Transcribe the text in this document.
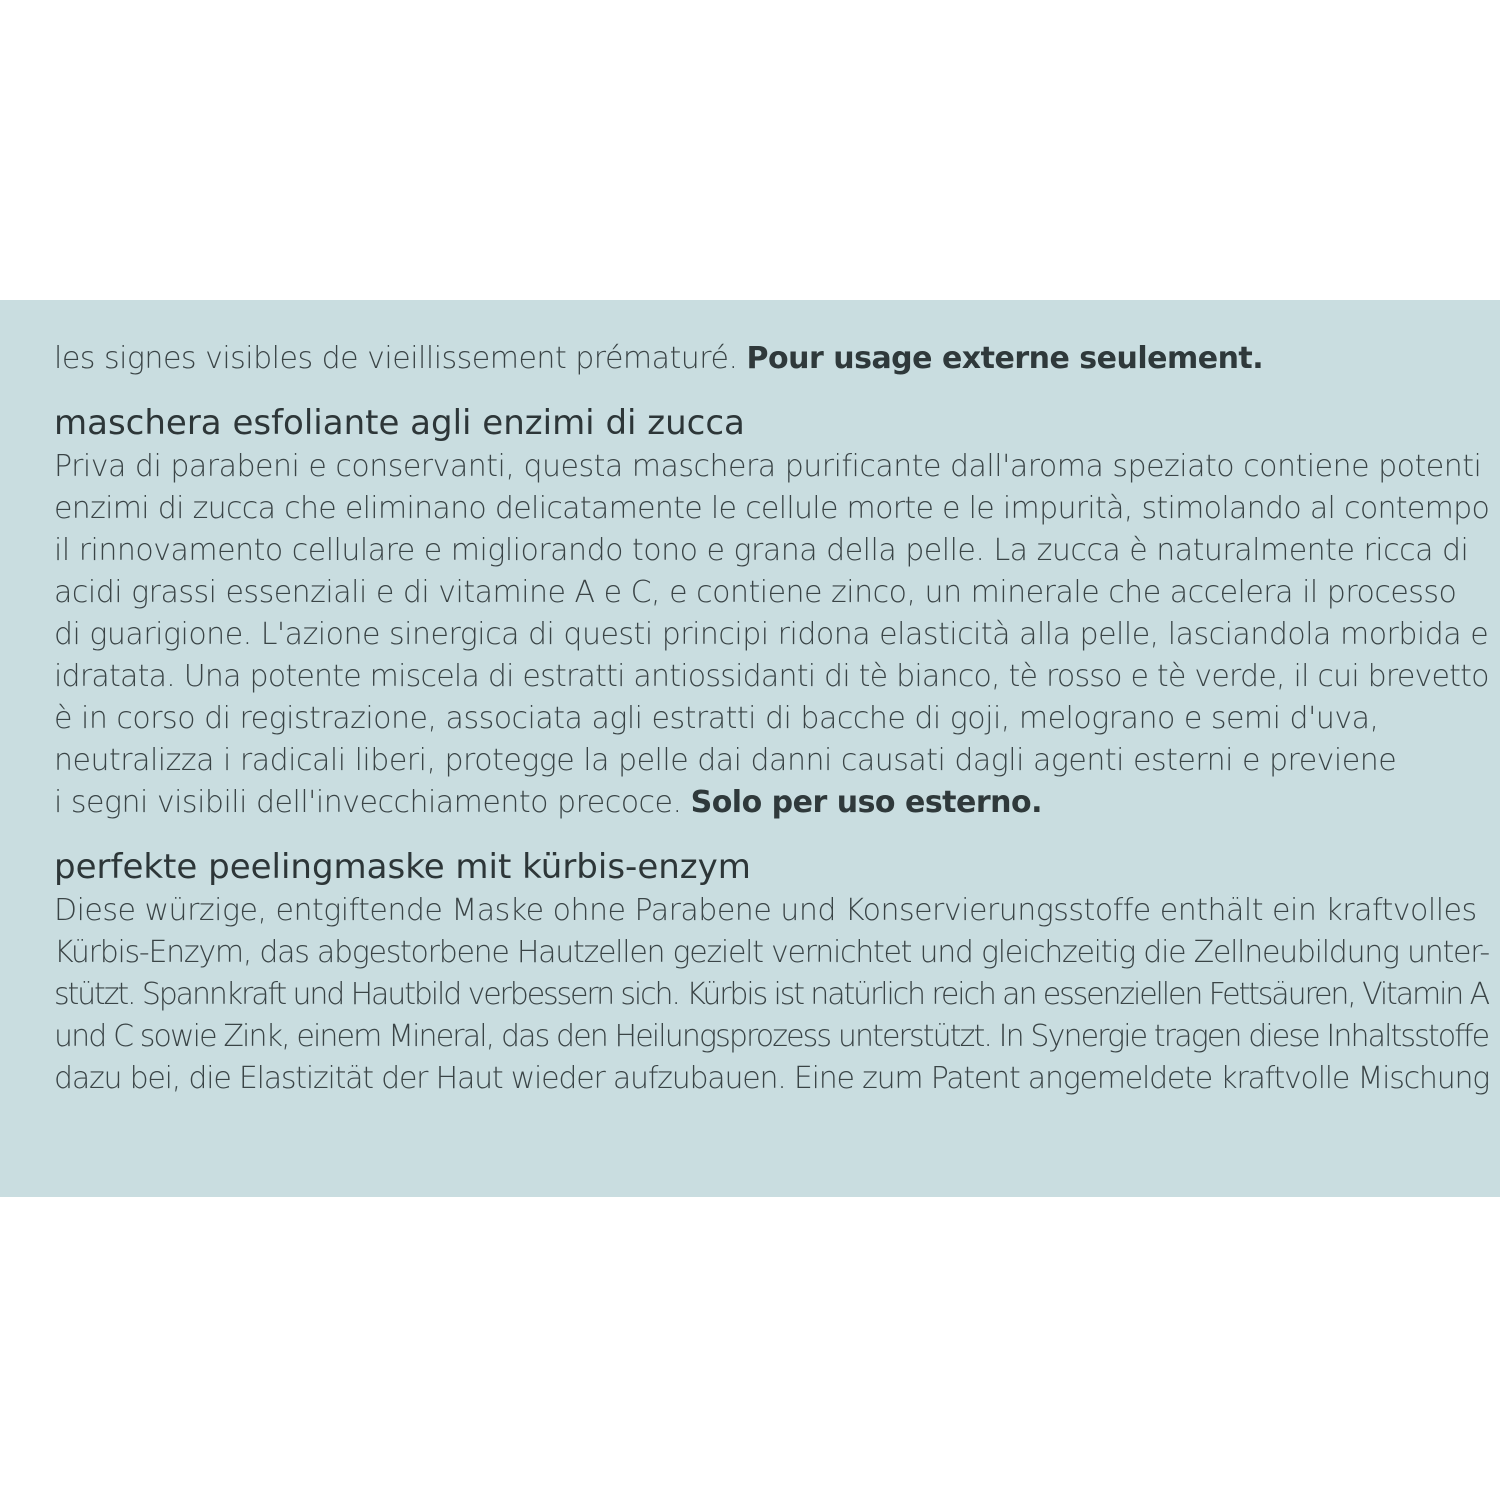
les signes visibles de vieillissement prématuré. Pour usage externe seulement.
maschera esfoliante agli enzimi di zucca
Priva di parabeni e conservanti, questa maschera purificante dall'aroma speziato contiene potenti
enzimi di zucca che eliminano delicatamente le cellule morte e le impurità, stimolando al contempo
il rinnovamento cellulare e migliorando tono e grana della pelle. La zucca è naturalmente ricca di
acidi grassi essenziali e di vitamine A e C, e contiene zinco, un minerale che accelera il processo
di guarigione. L'azione sinergica di questi principi ridona elasticità alla pelle, lasciandola morbida e
idratata. Una potente miscela di estratti antiossidanti di tè bianco, tè rosso e tè verde, il cui brevetto
è in corso di registrazione, associata agli estratti di bacche di goji, melograno e semi d'uva,
neutralizza i radicali liberi, protegge la pelle dai danni causati dagli agenti esterni e previene
i segni visibili dell'invecchiamento precoce. Solo per uso esterno.
perfekte peelingmaske mit kürbis-enzym
Diese würzige, entgiftende Maske ohne Parabene und Konservierungsstoffe enthält ein kraftvolles
Kürbis-Enzym, das abgestorbene Hautzellen gezielt vernichtet und gleichzeitig die Zellneubildung unter-
stützt. Spannkraft und Hautbild verbessern sich. Kürbis ist natürlich reich an essenziellen Fettsäuren, Vitamin A
und C sowie Zink, einem Mineral, das den Heilungsprozess unterstützt. In Synergie tragen diese Inhaltsstoffe
dazu bei, die Elastizität der Haut wieder aufzubauen. Eine zum Patent angemeldete kraftvolle Mischung
